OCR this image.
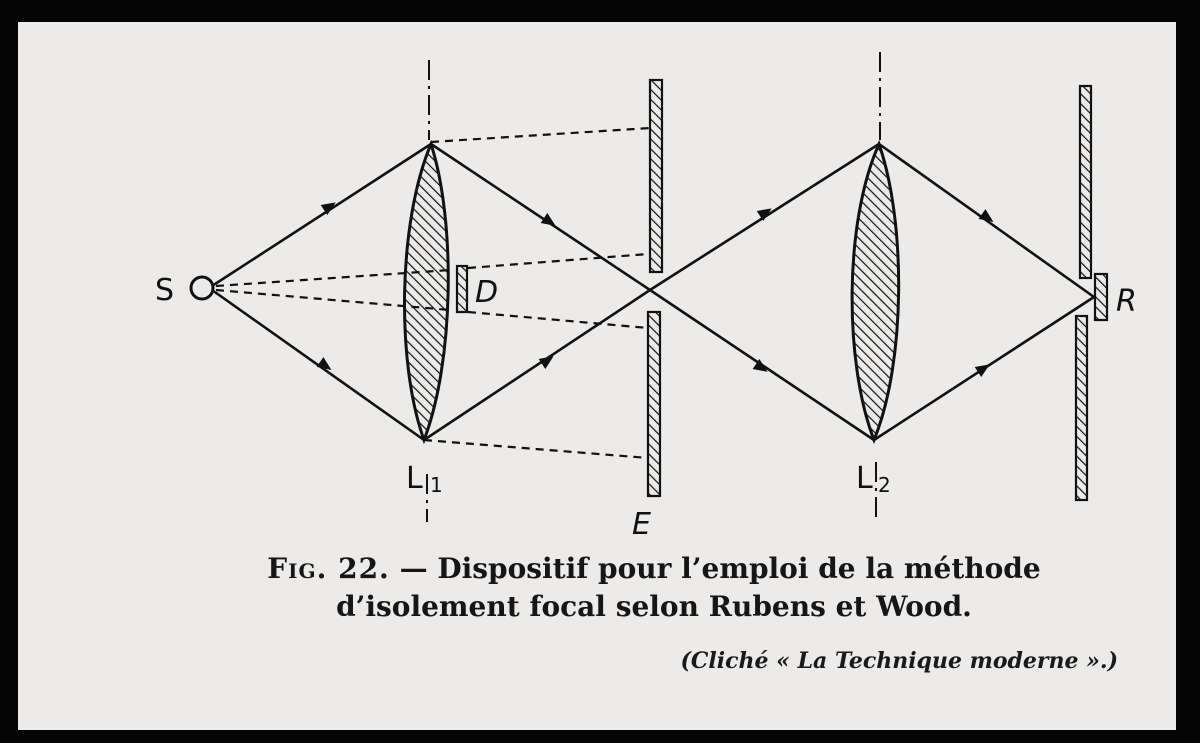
S	D
L 1
E
L 2
R
Fig. 22. — Dispositif pour l’emploi de la méthode
d’isolement focal selon Rubens et Wood.
(Cliché « La Technique moderne ».)
